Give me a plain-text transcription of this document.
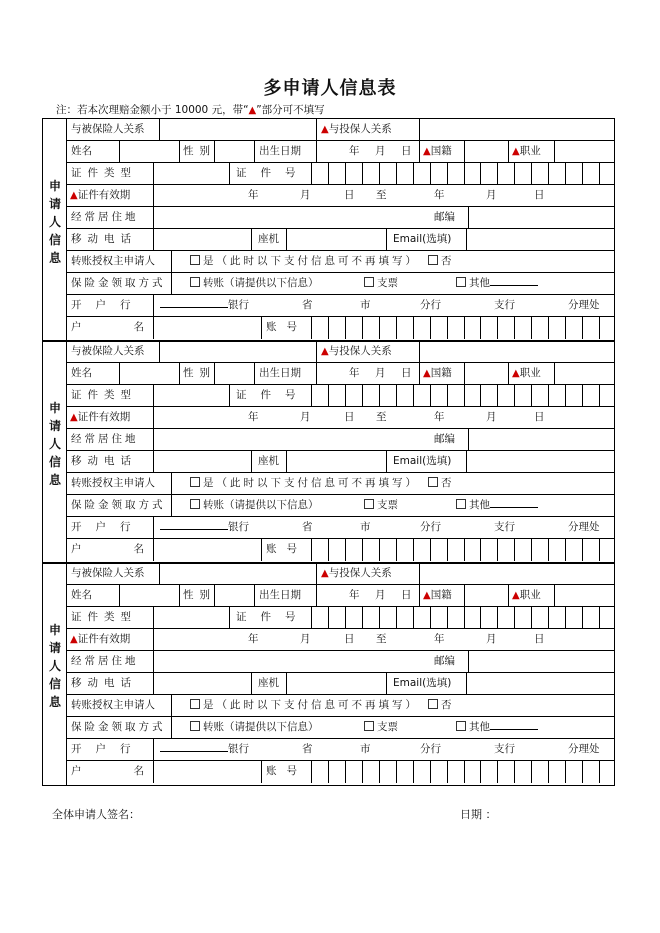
多申请人信息表
注：若本次理赔金额小于 10000 元，带“▲”部分可不填写
申
请
人
信
息
与被保险人关系	▲与投保人关系
姓名	性别	出生日期	年 月 日	▲国籍	▲职业
证件类型	证件号
▲证件有效期	年	月	日 至	年	月	日
经常居住地	邮编
移动电话	座机	Email(选填)
转账授权主申请人	是（此时以下支付信息可不再填写）	否
保险金领取方式	转账（请提供以下信息）	支票	其他
开户行	银行	省	市	分行	支行	分理处
户名	账号
申
请
人
信
息
与被保险人关系	▲与投保人关系
姓名	性别	出生日期	年 月 日	▲国籍	▲职业
证件类型	证件号
▲证件有效期	年	月	日 至	年	月	日
经常居住地	邮编
移动电话	座机	Email(选填)
转账授权主申请人	是（此时以下支付信息可不再填写）	否
保险金领取方式	转账（请提供以下信息）	支票	其他
开户行	银行	省	市	分行	支行	分理处
户名	账号
申
请
人
信
息
与被保险人关系	▲与投保人关系
姓名	性别	出生日期	年 月 日	▲国籍	▲职业
证件类型	证件号
▲证件有效期	年	月	日 至	年	月	日
经常居住地	邮编
移动电话	座机	Email(选填)
转账授权主申请人	是（此时以下支付信息可不再填写）	否
保险金领取方式	转账（请提供以下信息）	支票	其他
开户行	银行	省	市	分行	支行	分理处
户名	账号
全体申请人签名：	日期 ：
